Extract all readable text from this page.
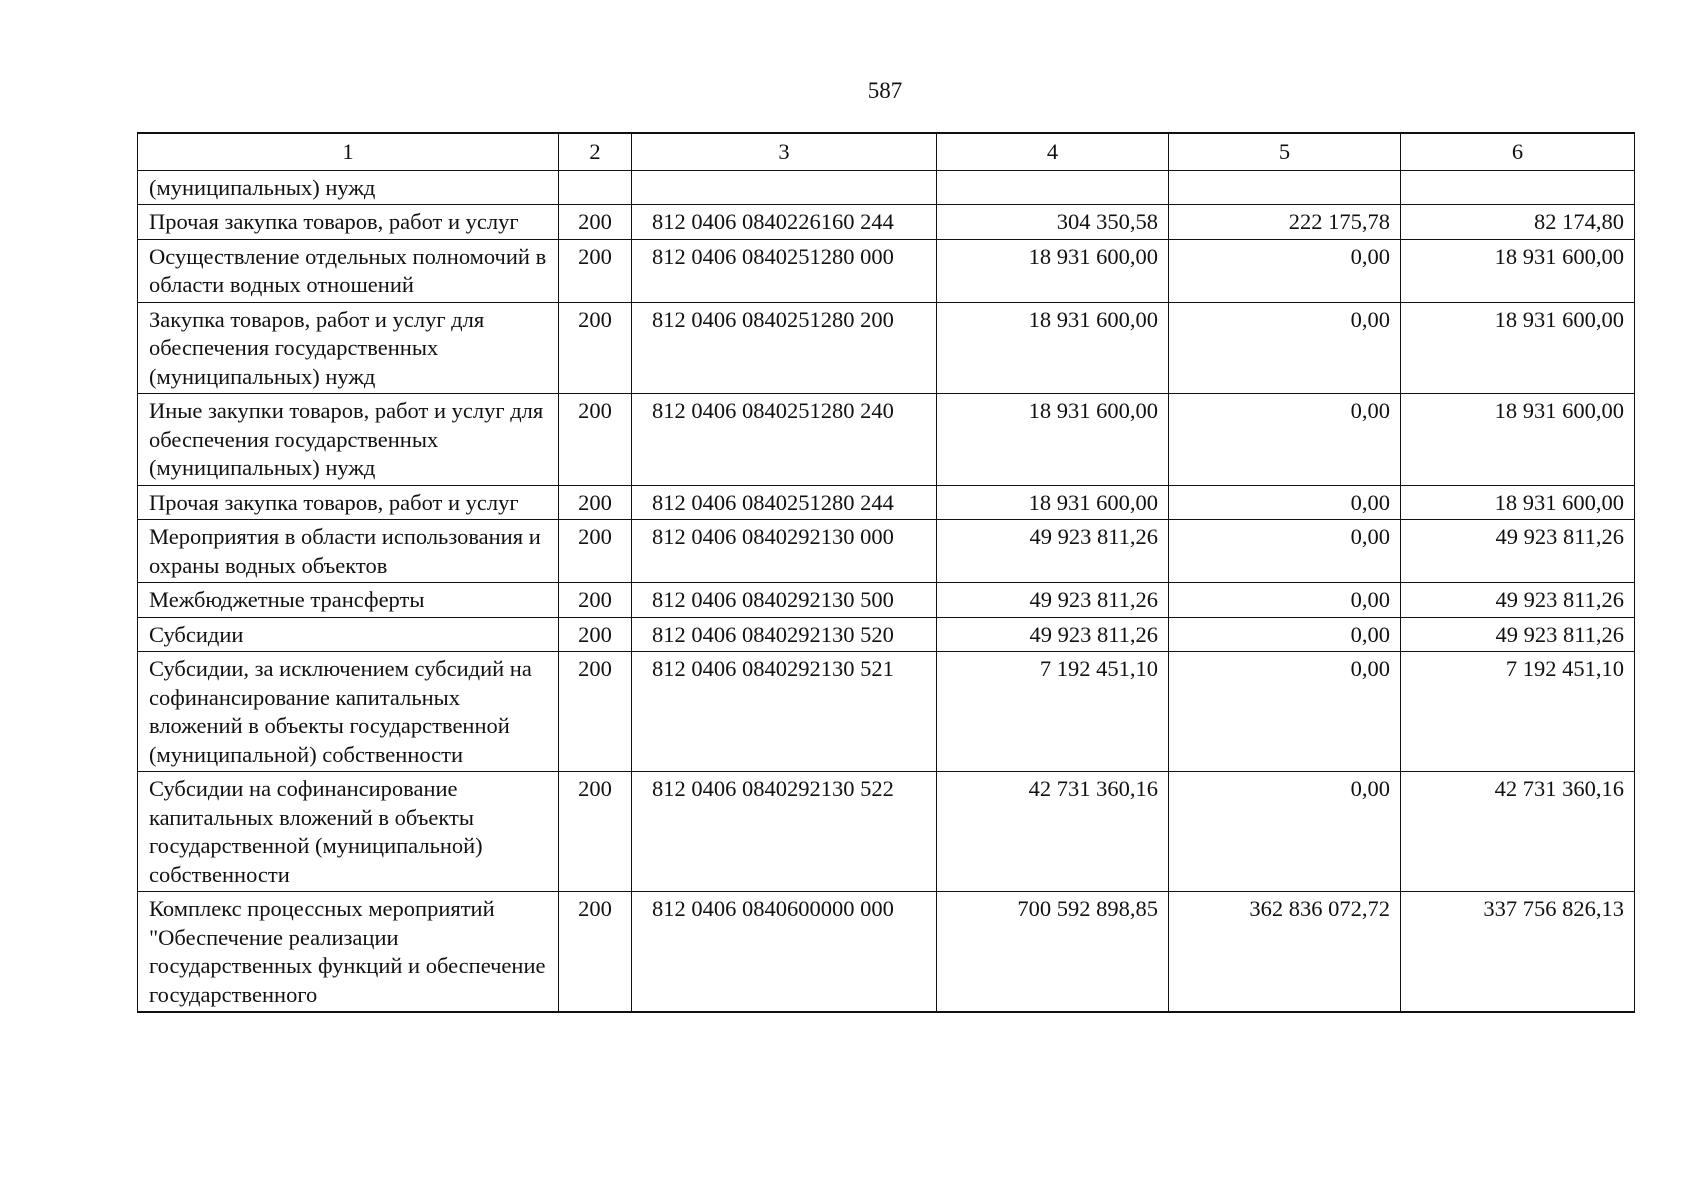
587
1	2	3	4	5	6
(муниципальных) нужд					
Прочая закупка товаров, работ и услуг	200	812 0406 0840226160 244	304 350,58	222 175,78	82 174,80
Осуществление отдельных полномочий в области водных отношений	200	812 0406 0840251280 000	18 931 600,00	0,00	18 931 600,00
Закупка товаров, работ и услуг для обеспечения государственных (муниципальных) нужд	200	812 0406 0840251280 200	18 931 600,00	0,00	18 931 600,00
Иные закупки товаров, работ и услуг для обеспечения государственных (муниципальных) нужд	200	812 0406 0840251280 240	18 931 600,00	0,00	18 931 600,00
Прочая закупка товаров, работ и услуг	200	812 0406 0840251280 244	18 931 600,00	0,00	18 931 600,00
Мероприятия в области использования и охраны водных объектов	200	812 0406 0840292130 000	49 923 811,26	0,00	49 923 811,26
Межбюджетные трансферты	200	812 0406 0840292130 500	49 923 811,26	0,00	49 923 811,26
Субсидии	200	812 0406 0840292130 520	49 923 811,26	0,00	49 923 811,26
Субсидии, за исключением субсидий на софинансирование капитальных вложений в объекты государственной (муниципальной) собственности	200	812 0406 0840292130 521	7 192 451,10	0,00	7 192 451,10
Субсидии на софинансирование капитальных вложений в объекты государственной (муниципальной) собственности	200	812 0406 0840292130 522	42 731 360,16	0,00	42 731 360,16
Комплекс процессных мероприятий "Обеспечение реализации государственных функций и обеспечение государственного	200	812 0406 0840600000 000	700 592 898,85	362 836 072,72	337 756 826,13
